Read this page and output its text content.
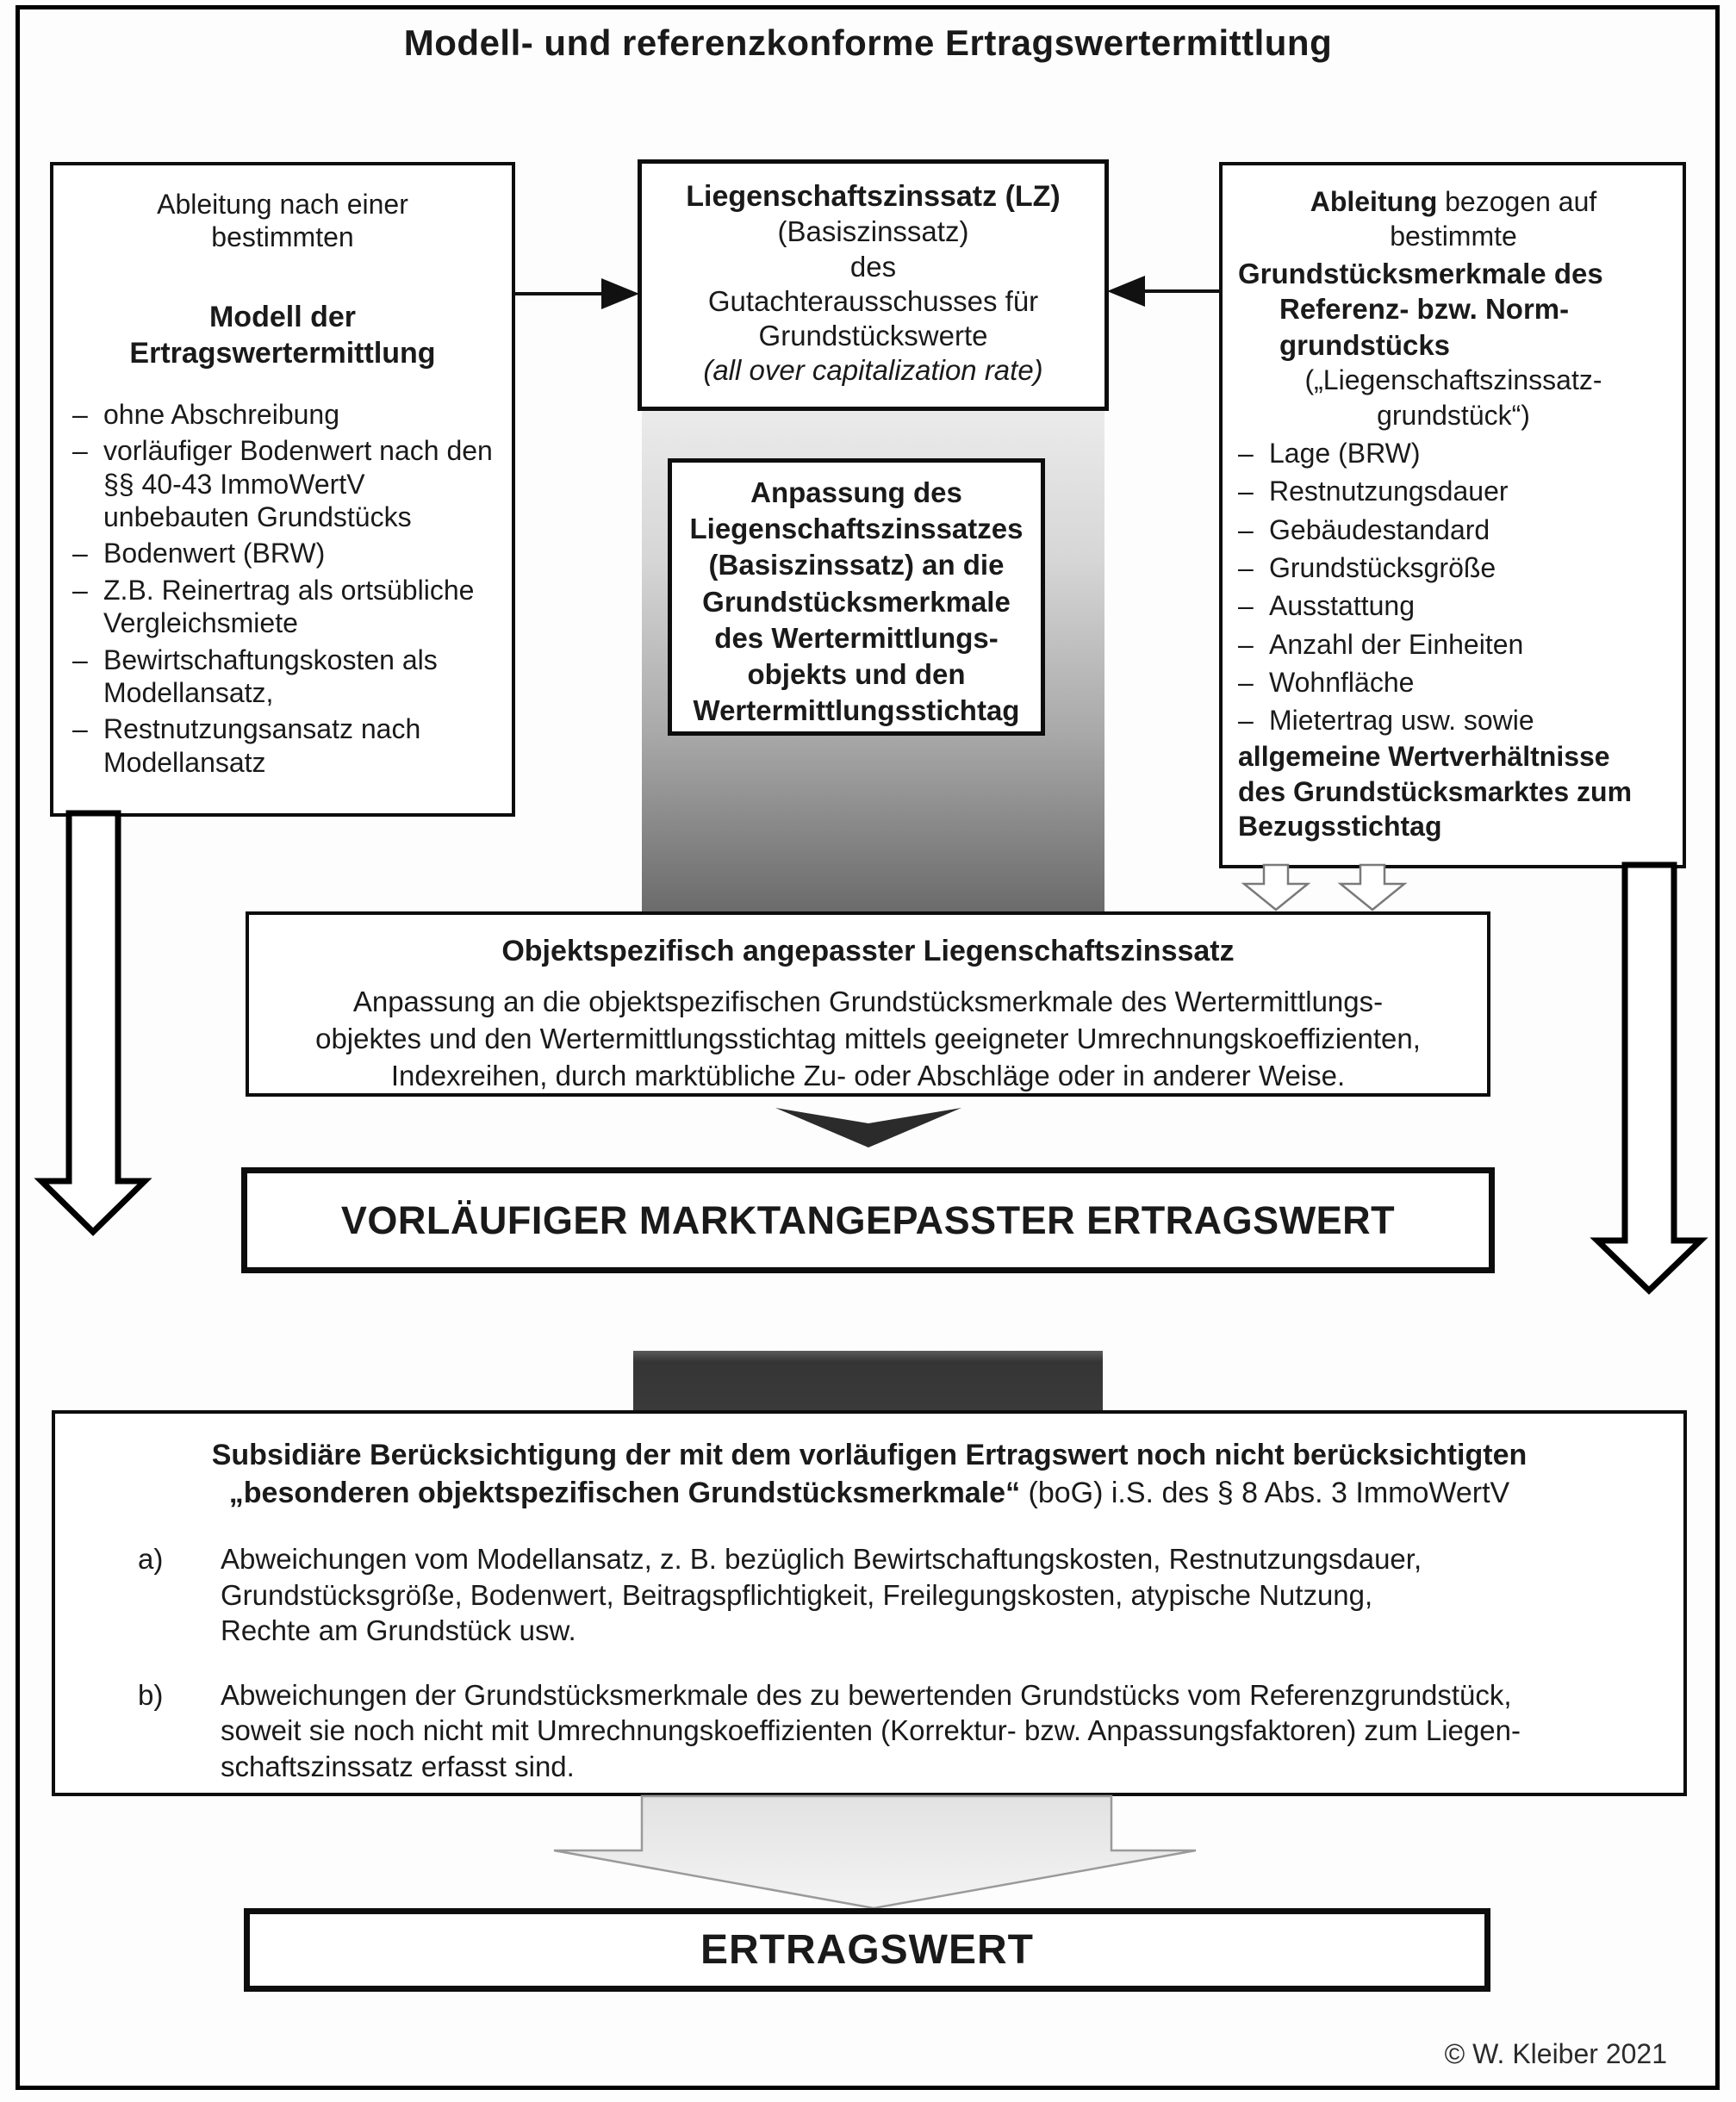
Modell- und referenzkonforme Ertragswertermittlung
Ableitung nach einer
bestimmten
Modell der
Ertragswertermittlung
– ohne Abschreibung
– vorläufiger Bodenwert nach den §§ 40-43 ImmoWertV unbebauten Grundstücks
– Bodenwert (BRW)
– Z.B. Reinertrag als ortsübliche Vergleichsmiete
– Bewirtschaftungskosten als Modellansatz,
– Restnutzungsansatz nach Modellansatz
Liegenschaftszinssatz (LZ)
(Basiszinssatz)
des
Gutachterausschusses für
Grundstückswerte
(all over capitalization rate)
Anpassung des
Liegenschaftszinssatzes
(Basiszinssatz) an die
Grundstücksmerkmale
des Wertermittlungs-
objekts und den
Wertermittlungsstichtag
Ableitung bezogen auf
bestimmte
Grundstücksmerkmale des
Referenz- bzw. Norm-
grundstücks
(„Liegenschaftszinssatz-
grundstück“)
– Lage (BRW)
– Restnutzungsdauer
– Gebäudestandard
– Grundstücksgröße
– Ausstattung
– Anzahl der Einheiten
– Wohnfläche
– Mietertrag usw. sowie
allgemeine Wertverhältnisse
des Grundstücksmarktes zum
Bezugsstichtag
Objektspezifisch angepasster Liegenschaftszinssatz
Anpassung an die objektspezifischen Grundstücksmerkmale des Wertermittlungs-
objektes und den Wertermittlungsstichtag mittels geeigneter Umrechnungskoeffizienten,
Indexreihen, durch marktübliche Zu- oder Abschläge oder in anderer Weise.
VORLÄUFIGER MARKTANGEPASSTER ERTRAGSWERT
Subsidiäre Berücksichtigung der mit dem vorläufigen Ertragswert noch nicht berücksichtigten
„besonderen objektspezifischen Grundstücksmerkmale“ (boG) i.S. des § 8 Abs. 3 ImmoWertV
a)	Abweichungen vom Modellansatz, z. B. bezüglich Bewirtschaftungskosten, Restnutzungsdauer,
Grundstücksgröße, Bodenwert, Beitragspflichtigkeit, Freilegungskosten, atypische Nutzung,
Rechte am Grundstück usw.
b)	Abweichungen der Grundstücksmerkmale des zu bewertenden Grundstücks vom Referenzgrundstück,
soweit sie noch nicht mit Umrechnungskoeffizienten (Korrektur- bzw. Anpassungsfaktoren) zum Liegen-
schaftszinssatz erfasst sind.
ERTRAGSWERT
© W. Kleiber 2021
